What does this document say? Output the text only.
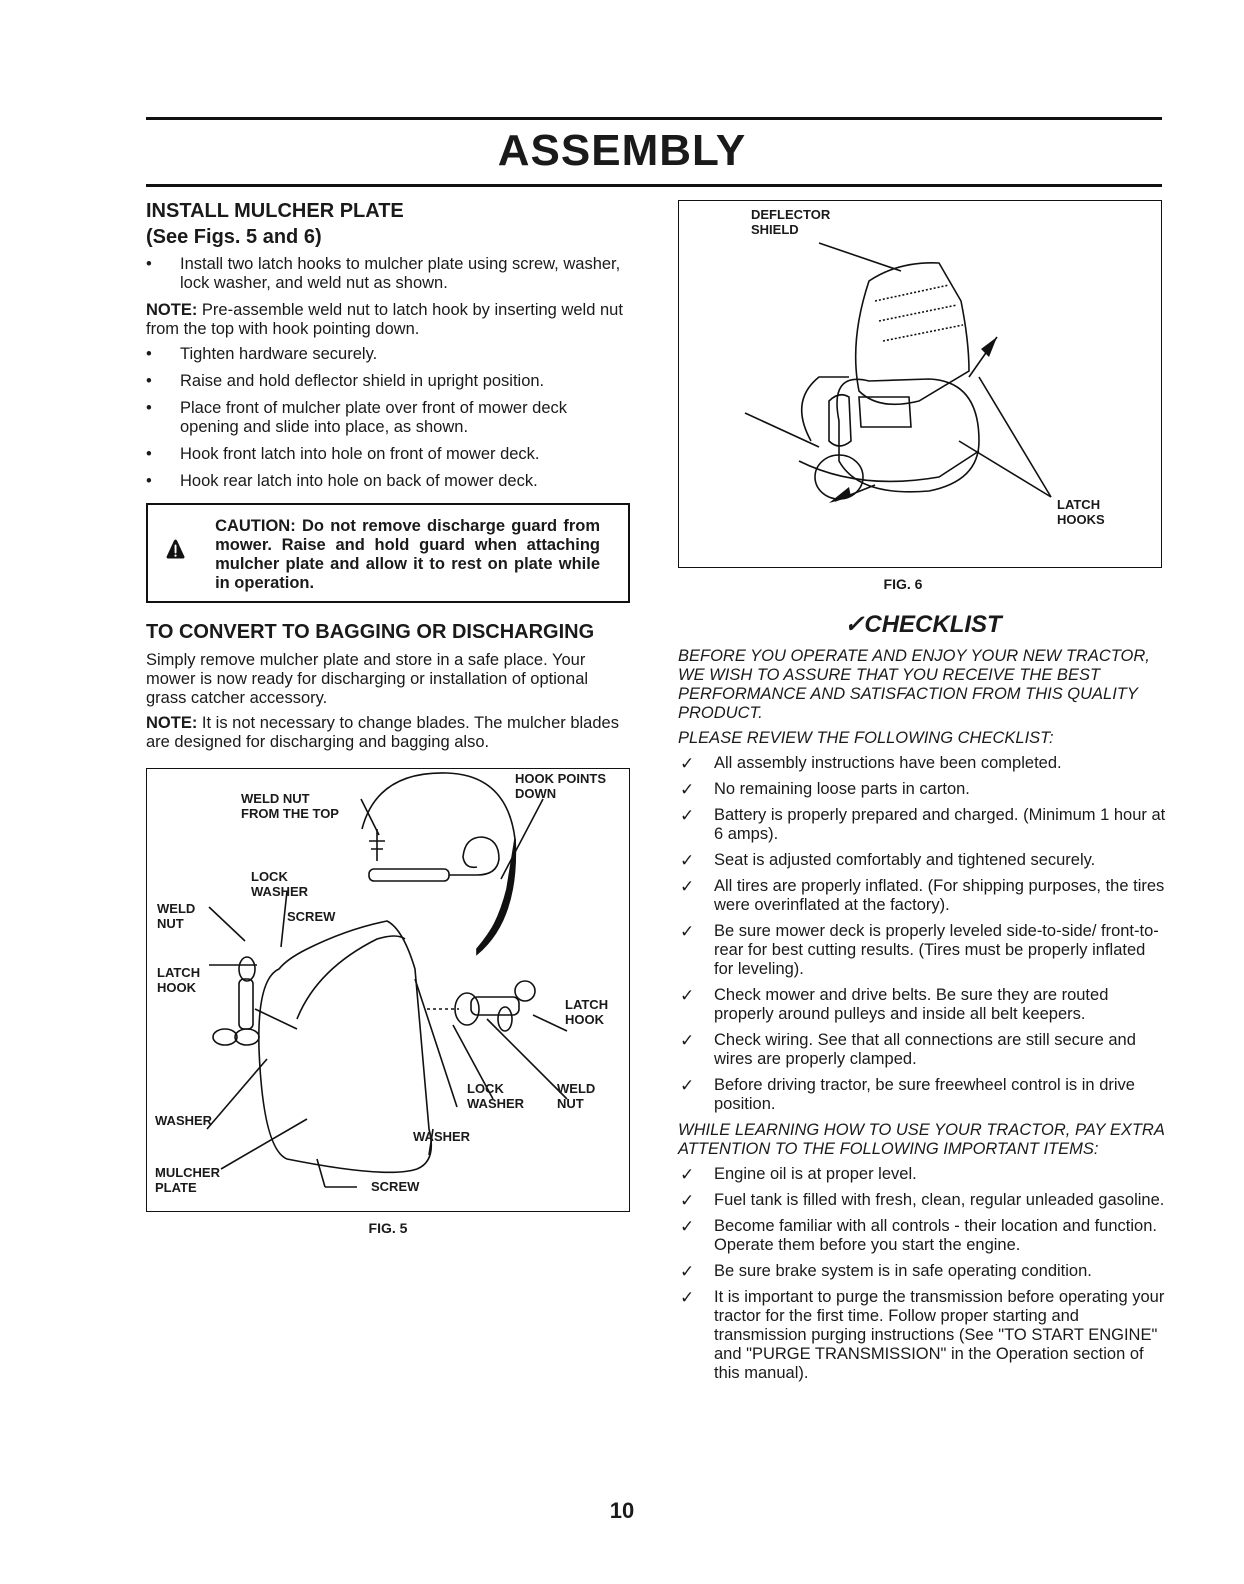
ASSEMBLY
INSTALL MULCHER PLATE
(See Figs. 5 and 6)
• Install two latch hooks to mulcher plate using screw, washer, lock washer, and weld nut as shown.

NOTE: Pre-assemble weld nut to latch hook by inserting weld nut from the top with hook pointing down.

• Tighten hardware securely.
• Raise and hold deflector shield in upright position.
• Place front of mulcher plate over front of mower deck opening and slide into place, as shown.
• Hook front latch into hole on front of mower deck.
• Hook rear latch into hole on back of mower deck.
CAUTION: Do not remove discharge guard from mower. Raise and hold guard when attaching mulcher plate and allow it to rest on plate while in operation.
TO CONVERT TO BAGGING OR DISCHARGING

Simply remove mulcher plate and store in a safe place. Your mower is now ready for discharging or installation of optional grass catcher accessory.

NOTE: It is not necessary to change blades. The mulcher blades are designed for discharging and bagging also.

WELD NUT
FROM THE TOP
HOOK POINTS
DOWN
LOCK
WASHER
WELD
NUT	SCREW
LATCH
HOOK
LATCH
HOOK
LOCK
WASHER
WELD
NUT
WASHER
WASHER
MULCHER
PLATE	SCREW
FIG. 5
DEFLECTOR
SHIELD
LATCH
HOOKS
FIG. 6
✓CHECKLIST

BEFORE YOU OPERATE AND ENJOY YOUR NEW TRACTOR, WE WISH TO ASSURE THAT YOU RECEIVE THE BEST PERFORMANCE AND SATISFACTION FROM THIS QUALITY PRODUCT.

PLEASE REVIEW THE FOLLOWING CHECKLIST:

✓ All assembly instructions have been completed.
✓ No remaining loose parts in carton.
✓ Battery is properly prepared and charged. (Minimum 1 hour at 6 amps).
✓ Seat is adjusted comfortably and tightened securely.
✓ All tires are properly inflated. (For shipping purposes, the tires were overinflated at the factory).
✓ Be sure mower deck is properly leveled side-to-side/ front-to-rear for best cutting results. (Tires must be properly inflated for leveling).
✓ Check mower and drive belts. Be sure they are routed properly around pulleys and inside all belt keepers.
✓ Check wiring. See that all connections are still secure and wires are properly clamped.
✓ Before driving tractor, be sure freewheel control is in drive position.

WHILE LEARNING HOW TO USE YOUR TRACTOR, PAY EXTRA ATTENTION TO THE FOLLOWING IMPORTANT ITEMS:

✓ Engine oil is at proper level.
✓ Fuel tank is filled with fresh, clean, regular unleaded gasoline.
✓ Become familiar with all controls - their location and function. Operate them before you start the engine.
✓ Be sure brake system is in safe operating condition.
✓ It is important to purge the transmission before operating your tractor for the first time. Follow proper starting and transmission purging instructions (See "TO START ENGINE" and "PURGE TRANSMISSION" in the Operation section of this manual).
10
